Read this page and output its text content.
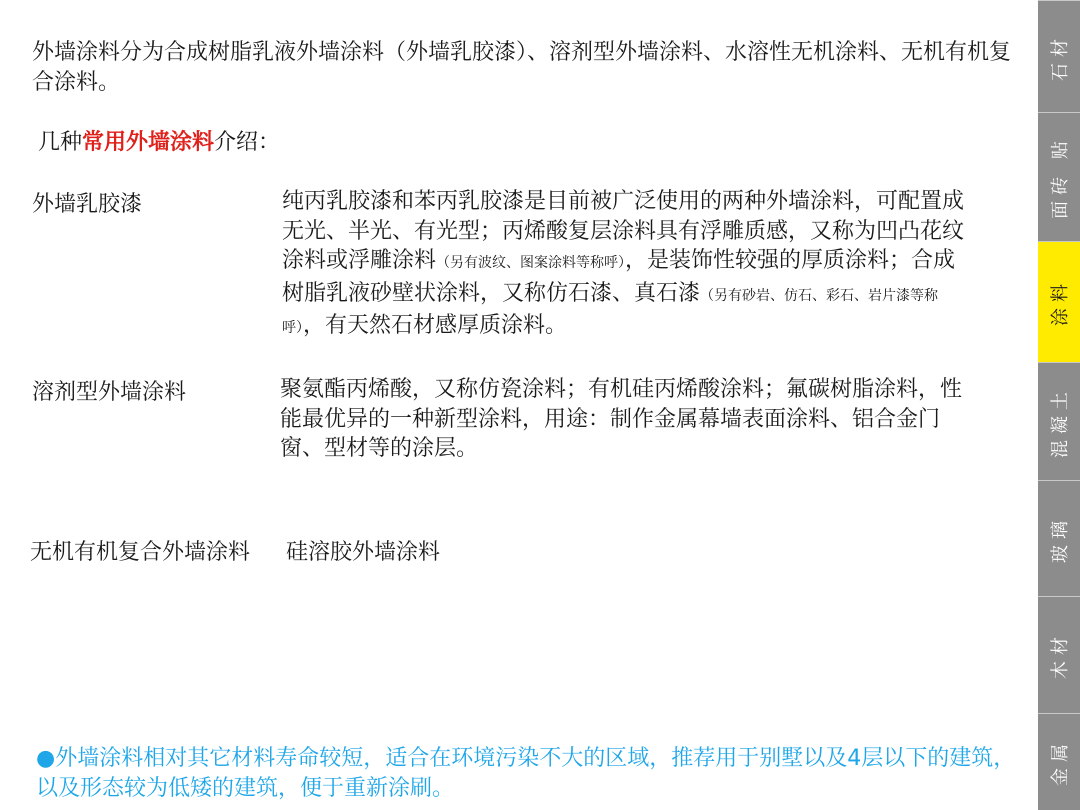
外墙涂料分为合成树脂乳液外墙涂料（外墙乳胶漆）、溶剂型外墙涂料、水溶性无机涂料、无机有机复合涂料。
几种常用外墙涂料介绍：
外墙乳胶漆	纯丙乳胶漆和苯丙乳胶漆是目前被广泛使用的两种外墙涂料，可配置成无光、半光、有光型；丙烯酸复层涂料具有浮雕质感，又称为凹凸花纹涂料或浮雕涂料（另有波纹、图案涂料等称呼），是装饰性较强的厚质涂料；合成树脂乳液砂壁状涂料，又称仿石漆、真石漆（另有砂岩、仿石、彩石、岩片漆等称呼），有天然石材感厚质涂料。
溶剂型外墙涂料	聚氨酯丙烯酸，又称仿瓷涂料；有机硅丙烯酸涂料；氟碳树脂涂料，性能最优异的一种新型涂料，用途：制作金属幕墙表面涂料、铝合金门窗、型材等的涂层。
无机有机复合外墙涂料 硅溶胶外墙涂料
●外墙涂料相对其它材料寿命较短，适合在环境污染不大的区域，推荐用于别墅以及4层以下的建筑，以及形态较为低矮的建筑，便于重新涂刷。
石材
面砖 贴
涂料
混凝土
玻璃
木材
金属
